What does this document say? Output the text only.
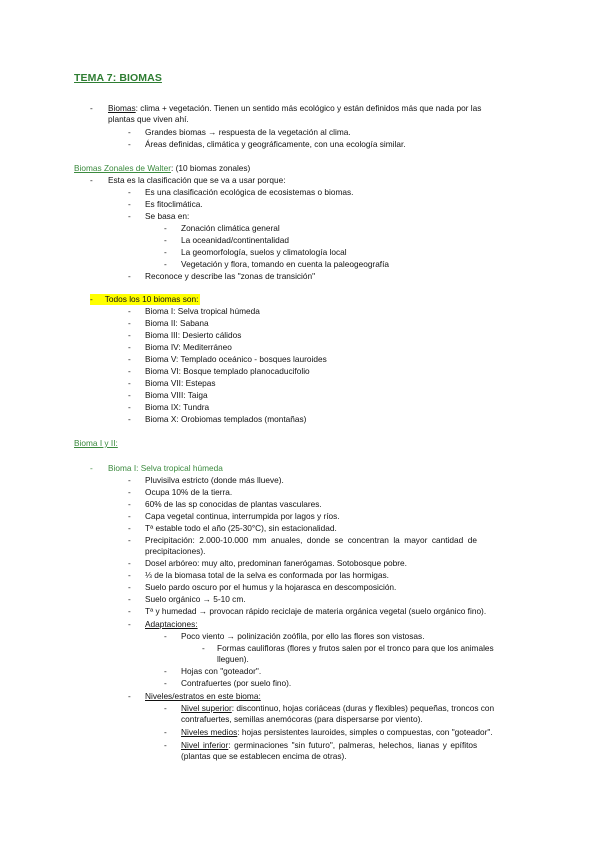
TEMA 7: BIOMAS
- Biomas: clima + vegetación. Tienen un sentido más ecológico y están definidos más que nada por las
plantas que viven ahí.
- Grandes biomas → respuesta de la vegetación al clima.
- Áreas definidas, climática y geográficamente, con una ecología similar.
Biomas Zonales de Walter: (10 biomas zonales)
- Esta es la clasificación que se va a usar porque:
- Es una clasificación ecológica de ecosistemas o biomas.
- Es fitoclimática.
- Se basa en:
- Zonación climática general
- La oceanidad/continentalidad
- La geomorfología, suelos y climatología local
- Vegetación y flora, tomando en cuenta la paleogeografía
- Reconoce y describe las "zonas de transición"
- Todos los 10 biomas son:
- Bioma I: Selva tropical húmeda
- Bioma II: Sabana
- Bioma III: Desierto cálidos
- Bioma IV: Mediterráneo
- Bioma V: Templado oceánico - bosques lauroides
- Bioma VI: Bosque templado planocaducifolio
- Bioma VII: Estepas
- Bioma VIII: Taiga
- Bioma IX: Tundra
- Bioma X: Orobiomas templados (montañas)
Bioma I y II:
- Bioma I: Selva tropical húmeda
- Pluvisilva estricto (donde más llueve).
- Ocupa 10% de la tierra.
- 60% de las sp conocidas de plantas vasculares.
- Capa vegetal continua, interrumpida por lagos y ríos.
- Tª estable todo el año (25-30°C), sin estacionalidad.
- Precipitación: 2.000-10.000 mm anuales, donde se concentran la mayor cantidad de
precipitaciones).
- Dosel arbóreo: muy alto, predominan fanerógamas. Sotobosque pobre.
- ⅓ de la biomasa total de la selva es conformada por las hormigas.
- Suelo pardo oscuro por el humus y la hojarasca en descomposición.
- Suelo orgánico → 5-10 cm.
- Tª y humedad → provocan rápido reciclaje de materia orgánica vegetal (suelo orgánico fino).
- Adaptaciones:
- Poco viento → polinización zoófila, por ello las flores son vistosas.
- Formas caulifloras (flores y frutos salen por el tronco para que los animales
lleguen).
- Hojas con "goteador".
- Contrafuertes (por suelo fino).
- Niveles/estratos en este bioma:
- Nivel superior: discontinuo, hojas coriáceas (duras y flexibles) pequeñas, troncos con
contrafuertes, semillas anemócoras (para dispersarse por viento).
- Niveles medios: hojas persistentes lauroides, simples o compuestas, con "goteador".
- Nivel inferior: germinaciones "sin futuro", palmeras, helechos, lianas y epífitos
(plantas que se establecen encima de otras).
